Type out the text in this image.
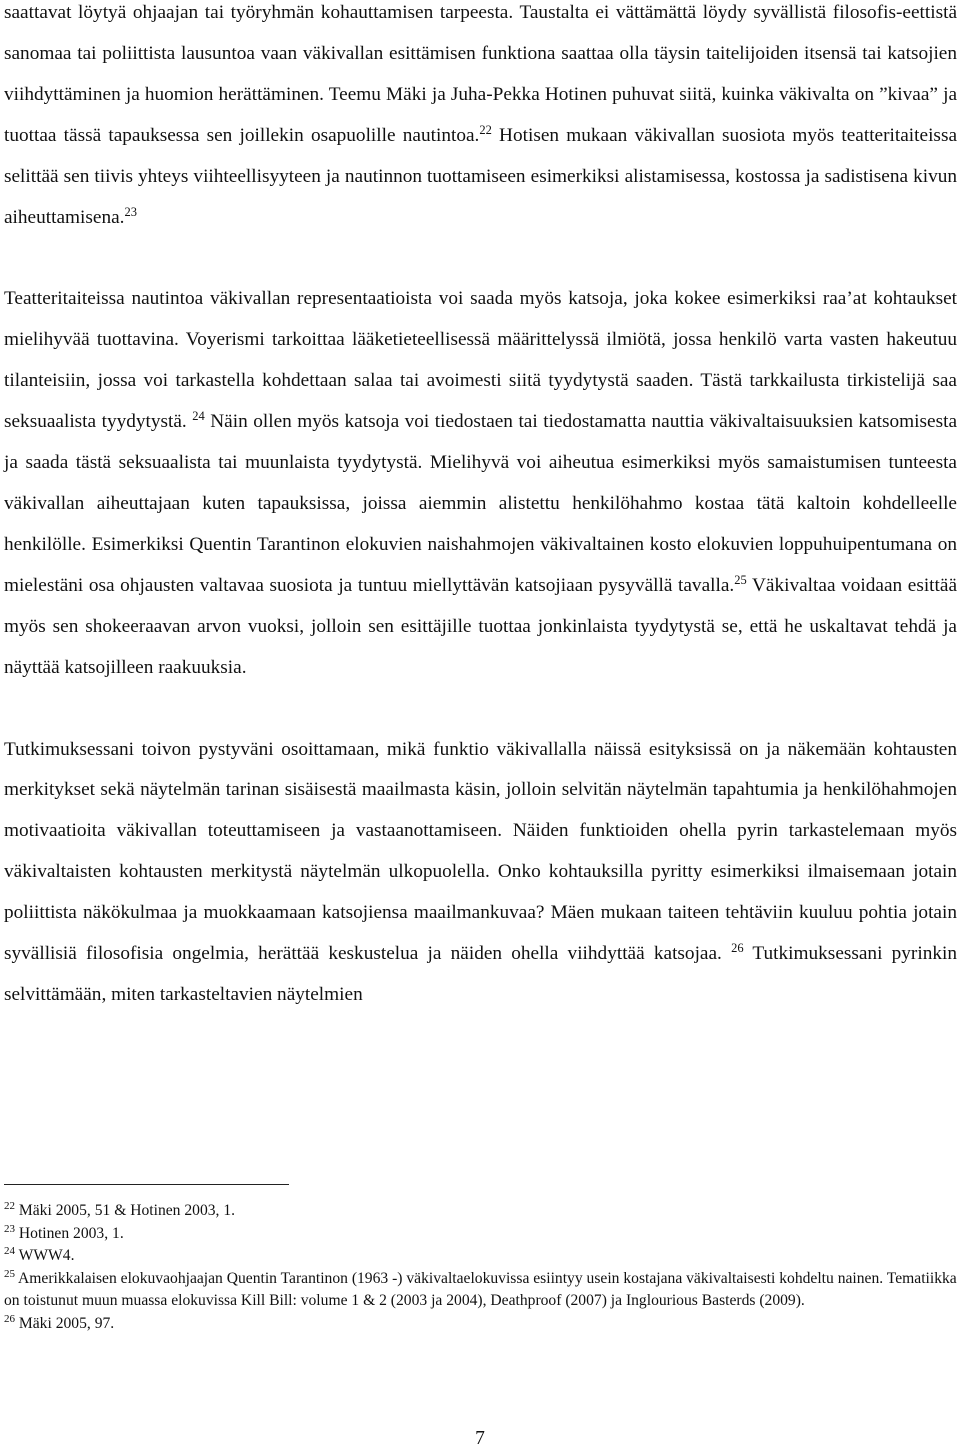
saattavat löytyä ohjaajan tai työryhmän kohauttamisen tarpeesta. Taustalta ei vättämättä löydy syvällistä filosofis-eettistä sanomaa tai poliittista lausuntoa vaan väkivallan esittämisen funktiona saattaa olla täysin taitelijoiden itsensä tai katsojien viihdyttäminen ja huomion herättäminen. Teemu Mäki ja Juha-Pekka Hotinen puhuvat siitä, kuinka väkivalta on ”kivaa” ja tuottaa tässä tapauksessa sen joillekin osapuolille nautintoa.$^{22}$ Hotisen mukaan väkivallan suosiota myös teatteritaiteissa selittää sen tiivis yhteys viihteellisyyteen ja nautinnon tuottamiseen esimerkiksi alistamisessa, kostossa ja sadistisena kivun aiheuttamisena.$^{23}$

Teatteritaiteissa nautintoa väkivallan representaatioista voi saada myös katsoja, joka kokee esimerkiksi raa’at kohtaukset mielihyvää tuottavina. Voyerismi tarkoittaa lääketieteellisessä määrittelyssä ilmiötä, jossa henkilö varta vasten hakeutuu tilanteisiin, jossa voi tarkastella kohdettaan salaa tai avoimesti siitä tyydytystä saaden. Tästä tarkkailusta tirkistelijä saa seksuaalista tyydytystä. $^{24}$ Näin ollen myös katsoja voi tiedostaen tai tiedostamatta nauttia väkivaltaisuuksien katsomisesta ja saada tästä seksuaalista tai muunlaista tyydytystä. Mielihyvä voi aiheutua esimerkiksi myös samaistumisen tunteesta väkivallan aiheuttajaan kuten tapauksissa, joissa aiemmin alistettu henkilöhahmo kostaa tätä kaltoin kohdelleelle henkilölle. Esimerkiksi Quentin Tarantinon elokuvien naishahmojen väkivaltainen kosto elokuvien loppuhuipentumana on mielestäni osa ohjausten valtavaa suosiota ja tuntuu miellyttävän katsojiaan pysyvällä tavalla.$^{25}$ Väkivaltaa voidaan esittää myös sen shokeeraavan arvon vuoksi, jolloin sen esittäjille tuottaa jonkinlaista tyydytystä se, että he uskaltavat tehdä ja näyttää katsojilleen raakuuksia.

Tutkimuksessani toivon pystyväni osoittamaan, mikä funktio väkivallalla näissä esityksissä on ja näkemään kohtausten merkitykset sekä näytelmän tarinan sisäisestä maailmasta käsin, jolloin selvitän näytelmän tapahtumia ja henkilöhahmojen motivaatioita väkivallan toteuttamiseen ja vastaanottamiseen. Näiden funktioiden ohella pyrin tarkastelemaan myös väkivaltaisten kohtausten merkitystä näytelmän ulkopuolella. Onko kohtauksilla pyritty esimerkiksi ilmaisemaan jotain poliittista näkökulmaa ja muokkaamaan katsojiensa maailmankuvaa? Mäen mukaan taiteen tehtäviin kuuluu pohtia jotain syvällisiä filosofisia ongelmia, herättää keskustelua ja näiden ohella viihdyttää katsojaa. $^{26}$ Tutkimuksessani pyrinkin selvittämään, miten tarkasteltavien näytelmien

$^{22}$ Mäki 2005, 51 & Hotinen 2003, 1.

$^{23}$ Hotinen 2003, 1.

$^{24}$ WWW4.

$^{25}$ Amerikkalaisen elokuvaohjaajan Quentin Tarantinon (1963 -) väkivaltaelokuvissa esiintyy usein kostajana väkivaltaisesti kohdeltu nainen. Tematiikka on toistunut muun muassa elokuvissa Kill Bill: volume 1 & 2 (2003 ja 2004), Deathproof (2007) ja Inglourious Basterds (2009).

$^{26}$ Mäki 2005, 97.

7
